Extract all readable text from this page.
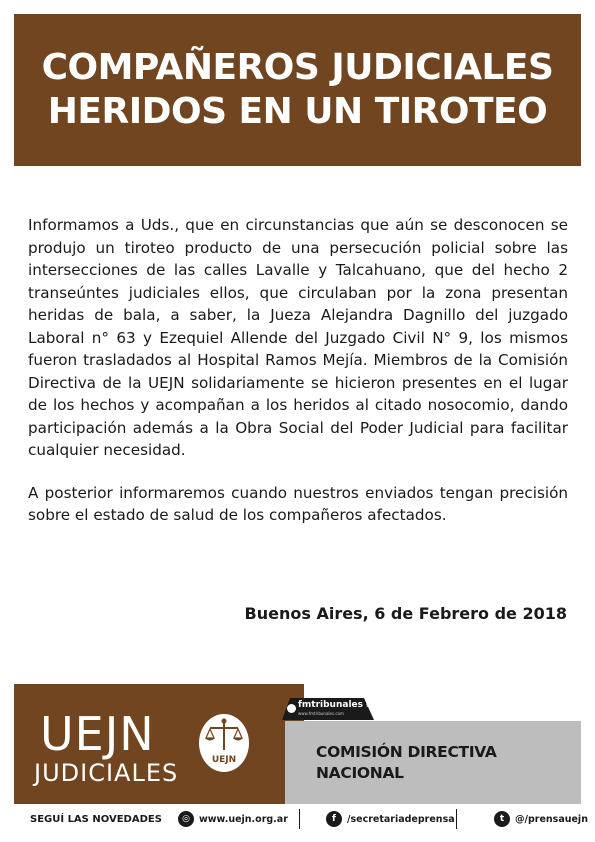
COMPAÑEROS JUDICIALES
HERIDOS EN UN TIROTEO

Informamos a Uds., que en circunstancias que aún se desconocen se produjo un tiroteo producto de una persecución policial sobre las intersecciones de las calles Lavalle y Talcahuano, que del hecho 2 transeúntes judiciales ellos, que circulaban por la zona presentan heridas de bala, a saber, la Jueza Alejandra Dagnillo del juzgado Laboral n° 63 y Ezequiel Allende del Juzgado Civil N° 9, los mismos fueron trasladados al Hospital Ramos Mejía. Miembros de la Comisión Directiva de la UEJN solidariamente se hicieron presentes en el lugar de los hechos y acompañan a los heridos al citado nosocomio, dando participación además a la Obra Social del Poder Judicial para facilitar cualquier necesidad.

A posterior informaremos cuando nuestros enviados tengan precisión sobre el estado de salud de los compañeros afectados.

Buenos Aires, 6 de Febrero de 2018
UEJN
JUDICIALES	UEJN
fmtribunales 92.9
www.fmtribunales.com
COMISIÓN DIRECTIVA
NACIONAL
SEGUÍ LAS NOVEDADES	◎ www.uejn.org.ar	f	/secretariadeprensa	t	@/prensauejn
